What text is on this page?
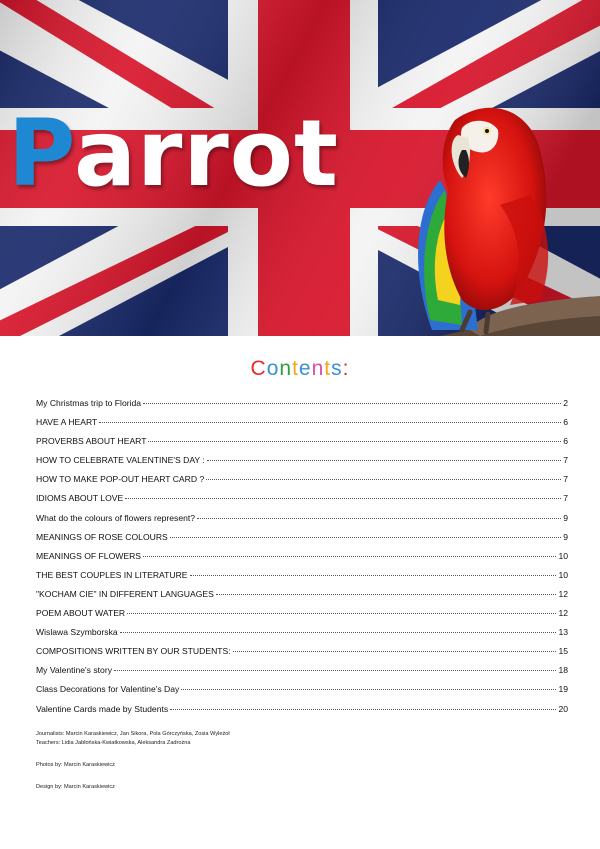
Parrot
Contents:
My Christmas trip to Florida	2
HAVE A HEART	6
PROVERBS ABOUT HEART	6
HOW TO CELEBRATE VALENTINE'S DAY :	7
HOW TO MAKE POP-OUT HEART CARD ?	7
IDIOMS ABOUT LOVE	7
What do the colours of flowers represent?	9
MEANINGS OF ROSE COLOURS	9
MEANINGS OF FLOWERS	10
THE BEST COUPLES IN LITERATURE	10
"KOCHAM CIE" IN DIFFERENT LANGUAGES	12
POEM ABOUT WATER	12
Wislawa Szymborska	13
COMPOSITIONS WRITTEN BY OUR STUDENTS:	15
My Valentine's story	18
Class Decorations for Valentine's Day	19
Valentine Cards made by Students	20
Journalists: Marcin Karaskiewicz, Jan Sikora, Pola Górczyńska, Zosia Wyleżoł
Teachers: Lidia Jabłońska-Kwiatkowska, Aleksandra Zadrożna
Photos by: Marcin Karaskiewicz
Design by: Marcin Karaskiewicz
